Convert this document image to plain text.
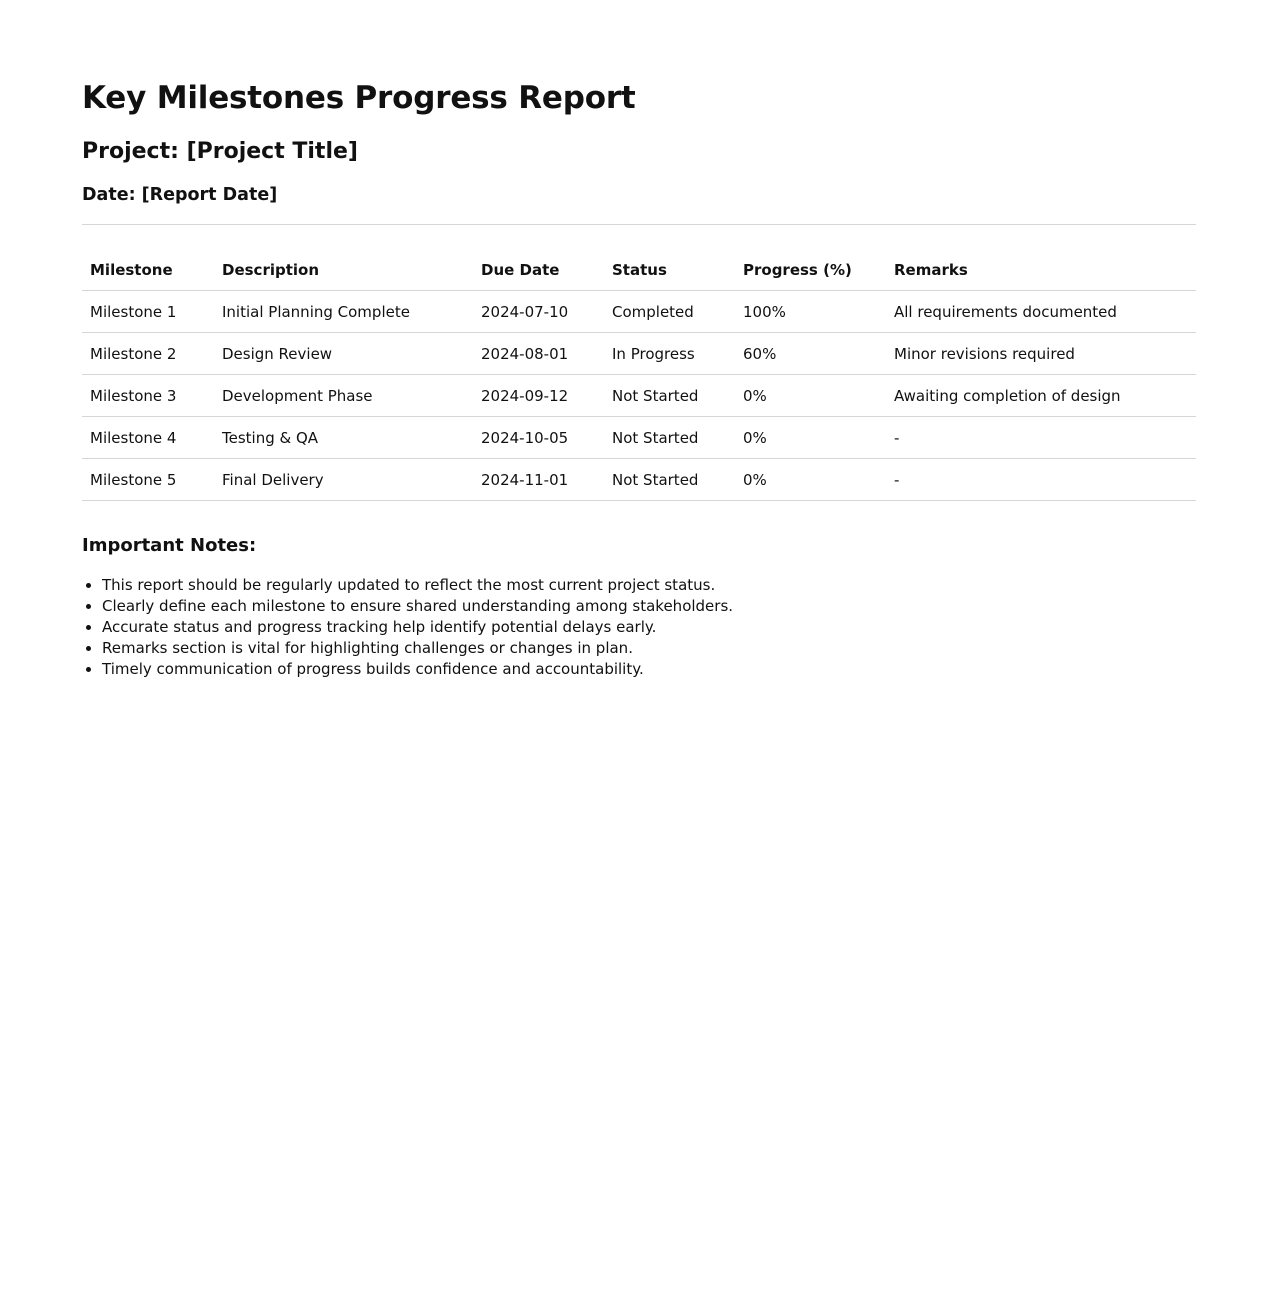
Key Milestones Progress Report
Project: [Project Title]
Date: [Report Date]
Milestone	Description	Due Date	Status	Progress (%)	Remarks
Milestone 1	Initial Planning Complete	2024-07-10	Completed	100%	All requirements documented
Milestone 2	Design Review	2024-08-01	In Progress	60%	Minor revisions required
Milestone 3	Development Phase	2024-09-12	Not Started	0%	Awaiting completion of design
Milestone 4	Testing & QA	2024-10-05	Not Started	0%	-
Milestone 5	Final Delivery	2024-11-01	Not Started	0%	-
Important Notes:
• This report should be regularly updated to reflect the most current project status.
• Clearly define each milestone to ensure shared understanding among stakeholders.
• Accurate status and progress tracking help identify potential delays early.
• Remarks section is vital for highlighting challenges or changes in plan.
• Timely communication of progress builds confidence and accountability.
